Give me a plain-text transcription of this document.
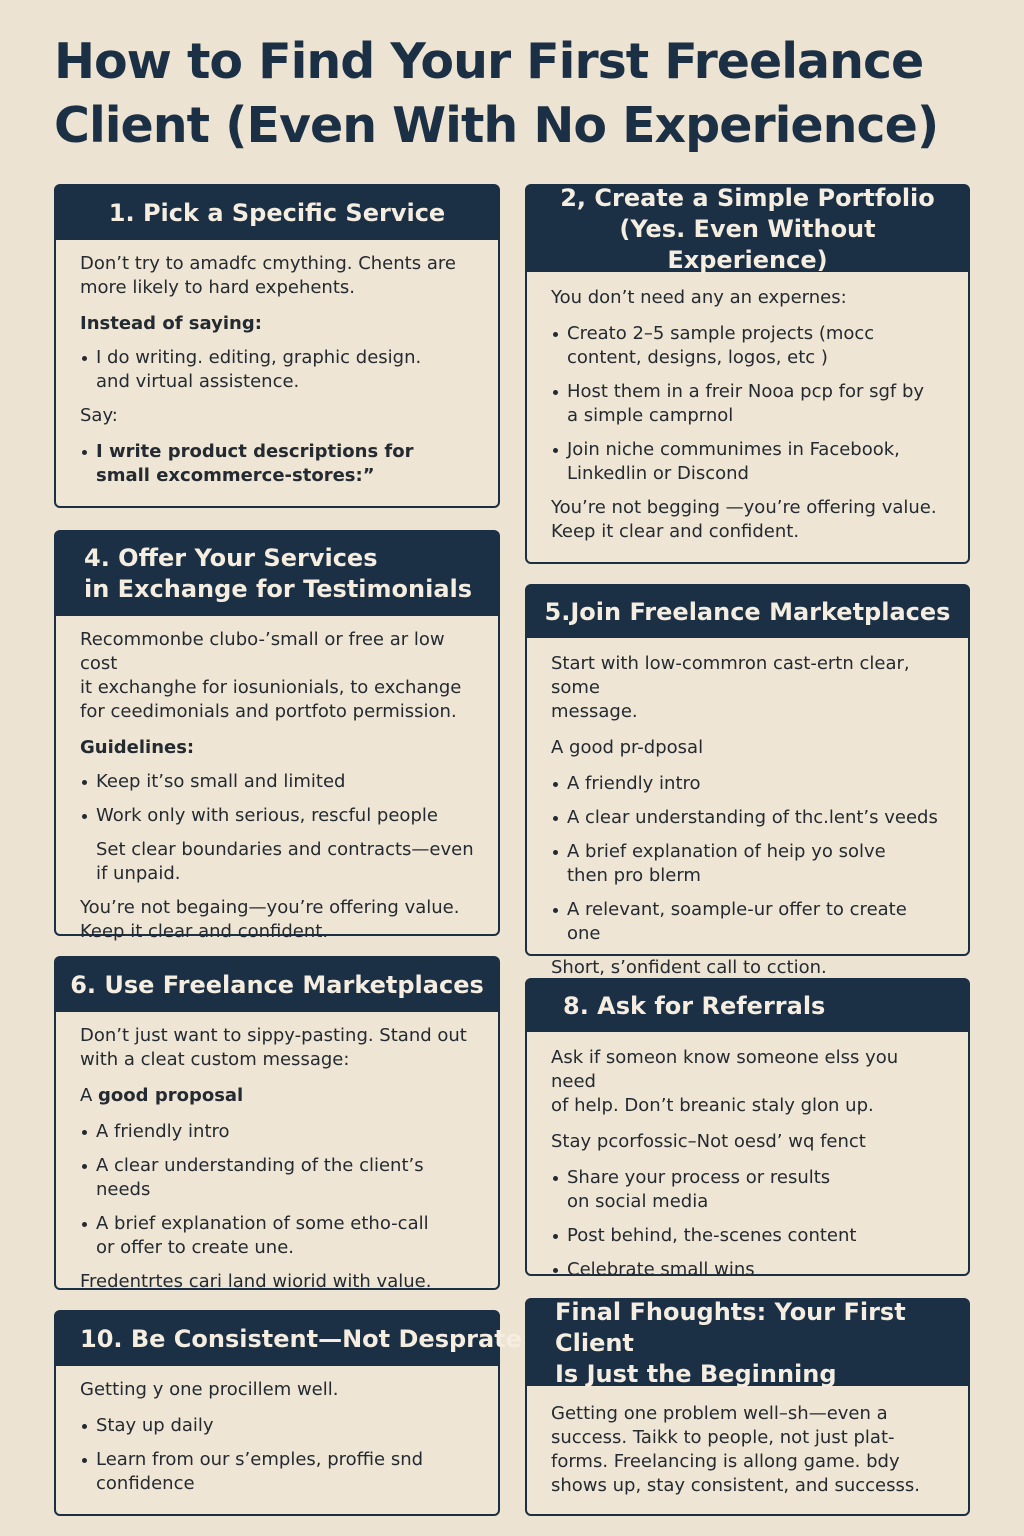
How to Find Your First Freelance
Client (Even With No Experience)
1. Pick a Specific Service
Don’t try to amadfc cmything. Chents are
more likely to hard expehents.
Instead of saying:
I do writing. editing, graphic design.
and virtual assistence.
Say:
I write product descriptions for
small excommerce-stores:”
2, Create a Simple Portfolio
(Yes. Even Without Experience)
You don’t need any an expernes:
Creato 2–5 sample projects (mocc
content, designs, logos, etc )
Host them in a freir Nooa pcp for sgf by
a simple camprnol
Join niche communimes in Facebook,
Linkedlin or Discond
You’re not begging —you’re offering value.
Keep it clear and confident.
4. Offer Your Services
in Exchange for Testimonials
Recommonbe clubo-’small or free ar low cost
it exchanghe for iosunionials, to exchange
for ceedimonials and portfoto permission.
Guidelines:
Keep it’so small and limited
Work only with serious, rescful people
Set clear boundaries and contracts—even
if unpaid.
You’re not begaing—you’re offering value.
Keep it clear and confident.
5.Join Freelance Marketplaces
Start with low-commron cast-ertn clear, some
message.
A good pr-dposal
A friendly intro
A clear understanding of thc.lent’s veeds
A brief explanation of heip yo solve
then pro blerm
A relevant, soample-ur offer to create one
Short, s’onfident call to cction.
6. Use Freelance Marketplaces
Don’t just want to sippy-pasting. Stand out
with a cleat custom message:
A good proposal
A friendly intro
A clear understanding of the client’s needs
A brief explanation of some etho-call
or offer to create une.
Fredentrtes cari land wiorid with value.
8. Ask for Referrals
Ask if someon know someone elss you need
of help. Don’t breanic staly glon up.
Stay pcorfossic–Not oesd’ wq fenct
Share your process or results
on social media
Post behind, the-scenes content
Celebrate small wins
10. Be Consistent—Not Desprate
Getting y one procillem well.
Stay up daily
Learn from our s’emples, proffie snd
confidence
Final Fhoughts: Your First Client
Is Just the Beginning
Getting one problem well–sh—even a
success. Taikk to people, not just plat-
forms. Freelancing is allong game. bdy
shows up, stay consistent, and successs.
